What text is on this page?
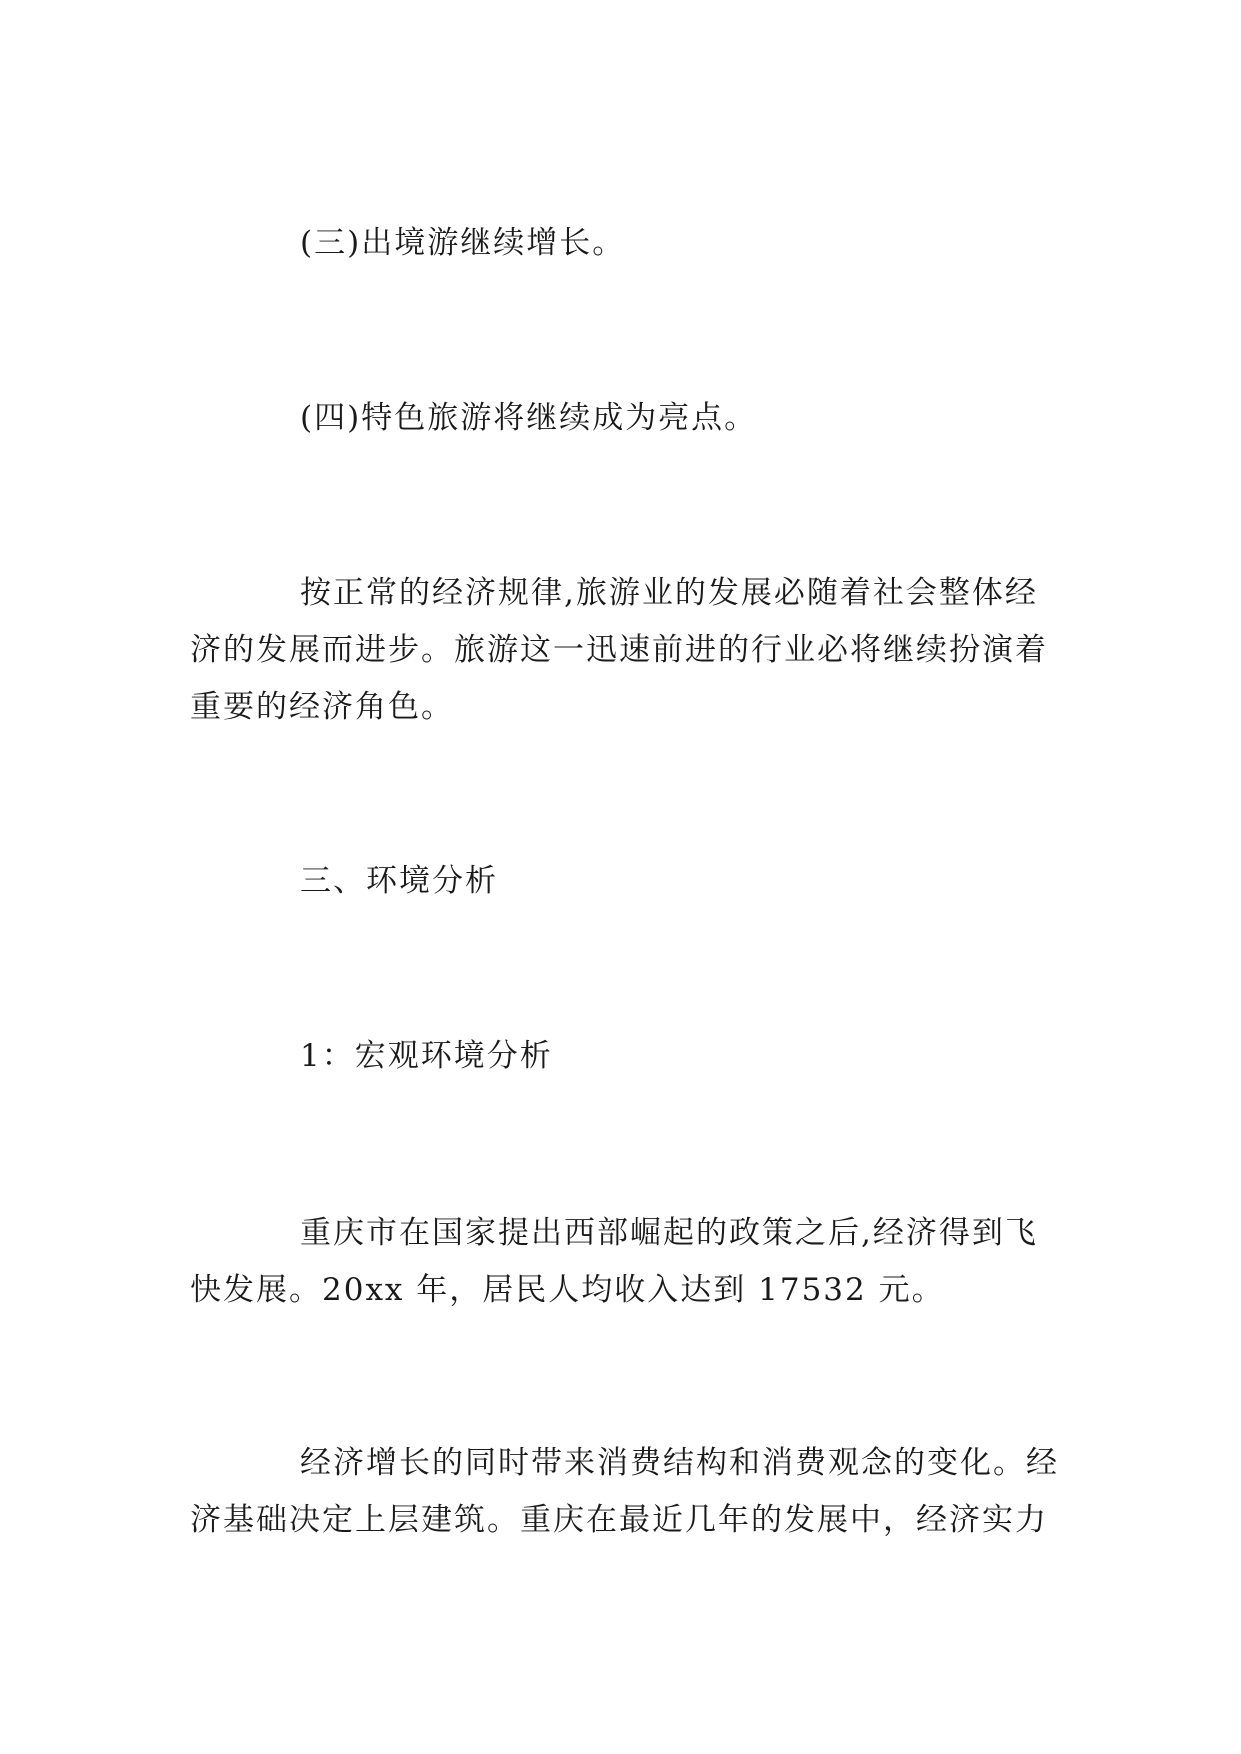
(三)出境游继续增长。
(四)特色旅游将继续成为亮点。
按正常的经济规律,旅游业的发展必随着社会整体经
济的发展而进步。旅游这一迅速前进的行业必将继续扮演着
重要的经济角色。
三、环境分析
1：宏观环境分析
重庆市在国家提出西部崛起的政策之后,经济得到飞
快发展。20xx 年，居民人均收入达到 17532 元。
经济增长的同时带来消费结构和消费观念的变化。经
济基础决定上层建筑。重庆在最近几年的发展中，经济实力
